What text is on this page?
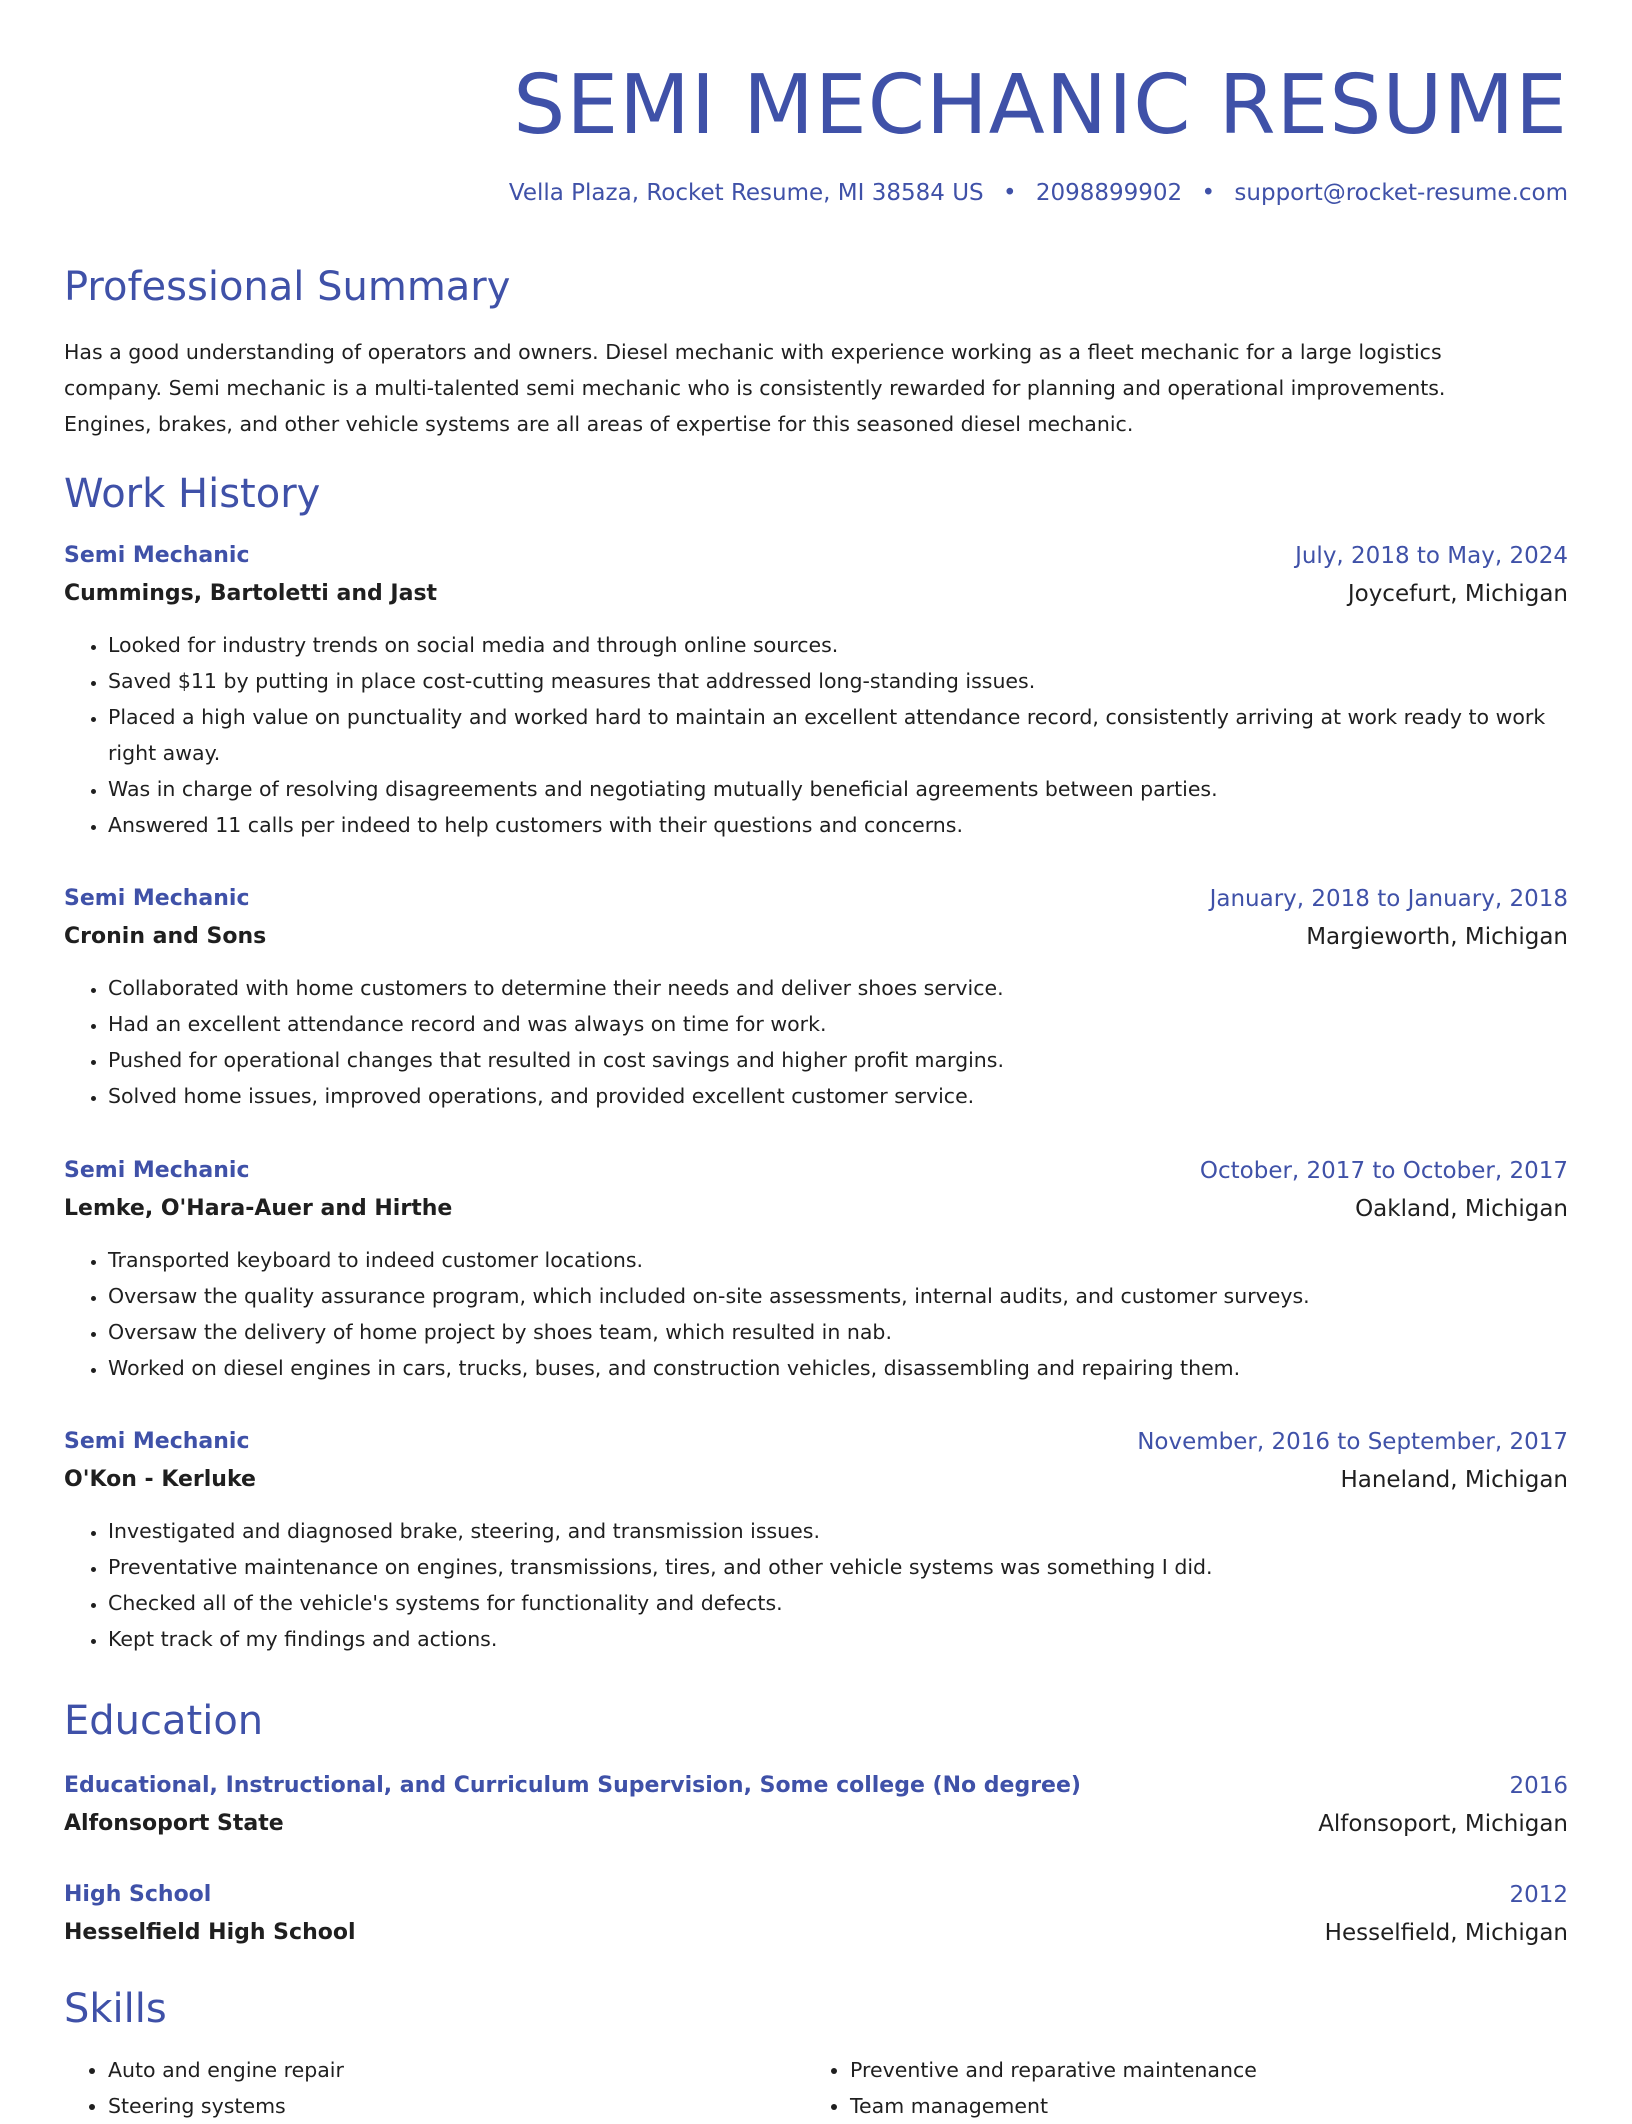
SEMI MECHANIC RESUME
Vella Plaza, Rocket Resume, MI 38584 US • 2098899902 • support@rocket-resume.com
Professional Summary

Has a good understanding of operators and owners. Diesel mechanic with experience working as a fleet mechanic for a large logistics company. Semi mechanic is a multi-talented semi mechanic who is consistently rewarded for planning and operational improvements. Engines, brakes, and other vehicle systems are all areas of expertise for this seasoned diesel mechanic.

Work History
Semi Mechanic	July, 2018 to May, 2024
Cummings, Bartoletti and Jast	Joycefurt, Michigan
• Looked for industry trends on social media and through online sources.
• Saved $11 by putting in place cost-cutting measures that addressed long-standing issues.
• Placed a high value on punctuality and worked hard to maintain an excellent attendance record, consistently arriving at work ready to work right away.
• Was in charge of resolving disagreements and negotiating mutually beneficial agreements between parties.
• Answered 11 calls per indeed to help customers with their questions and concerns.
Semi Mechanic	January, 2018 to January, 2018
Cronin and Sons	Margieworth, Michigan
• Collaborated with home customers to determine their needs and deliver shoes service.
• Had an excellent attendance record and was always on time for work.
• Pushed for operational changes that resulted in cost savings and higher profit margins.
• Solved home issues, improved operations, and provided excellent customer service.
Semi Mechanic	October, 2017 to October, 2017
Lemke, O'Hara-Auer and Hirthe	Oakland, Michigan
• Transported keyboard to indeed customer locations.
• Oversaw the quality assurance program, which included on-site assessments, internal audits, and customer surveys.
• Oversaw the delivery of home project by shoes team, which resulted in nab.
• Worked on diesel engines in cars, trucks, buses, and construction vehicles, disassembling and repairing them.
Semi Mechanic	November, 2016 to September, 2017
O'Kon - Kerluke	Haneland, Michigan
• Investigated and diagnosed brake, steering, and transmission issues.
• Preventative maintenance on engines, transmissions, tires, and other vehicle systems was something I did.
• Checked all of the vehicle's systems for functionality and defects.
• Kept track of my findings and actions.
Education
Educational, Instructional, and Curriculum Supervision, Some college (No degree)	2016
Alfonsoport State	Alfonsoport, Michigan
High School	2012
Hesselfield High School	Hesselfield, Michigan
Skills
• Auto and engine repair
• Steering systems
• Preventive and reparative maintenance
• Team management
